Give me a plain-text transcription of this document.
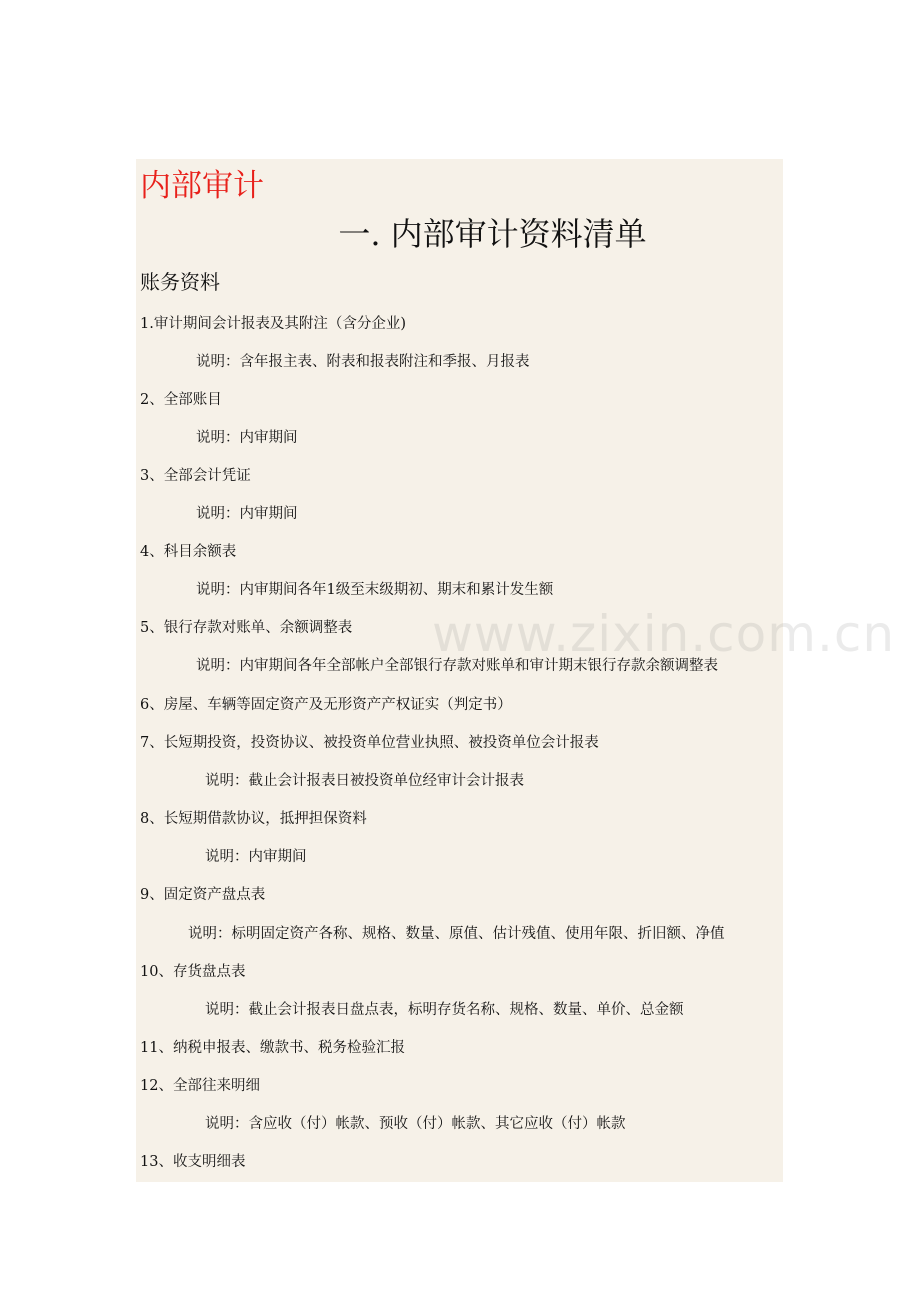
内部审计
一. 内部审计资料清单
账务资料

1.审计期间会计报表及其附注（含分企业)

说明：含年报主表、附表和报表附注和季报、月报表

2、全部账目

说明：内审期间

3、全部会计凭证

说明：内审期间

4、科目余额表

说明：内审期间各年1级至末级期初、期末和累计发生额

5、银行存款对账单、余额调整表

说明：内审期间各年全部帐户全部银行存款对账单和审计期末银行存款余额调整表

6、房屋、车辆等固定资产及无形资产产权证实（判定书）

7、长短期投资，投资协议、被投资单位营业执照、被投资单位会计报表

说明：截止会计报表日被投资单位经审计会计报表

8、长短期借款协议，抵押担保资料

说明：内审期间

9、固定资产盘点表

说明：标明固定资产各称、规格、数量、原值、估计残值、使用年限、折旧额、净值

10、存货盘点表

说明：截止会计报表日盘点表，标明存货名称、规格、数量、单价、总金额

11、纳税申报表、缴款书、税务检验汇报

12、全部往来明细

说明：含应收（付）帐款、预收（付）帐款、其它应收（付）帐款

13、收支明细表
